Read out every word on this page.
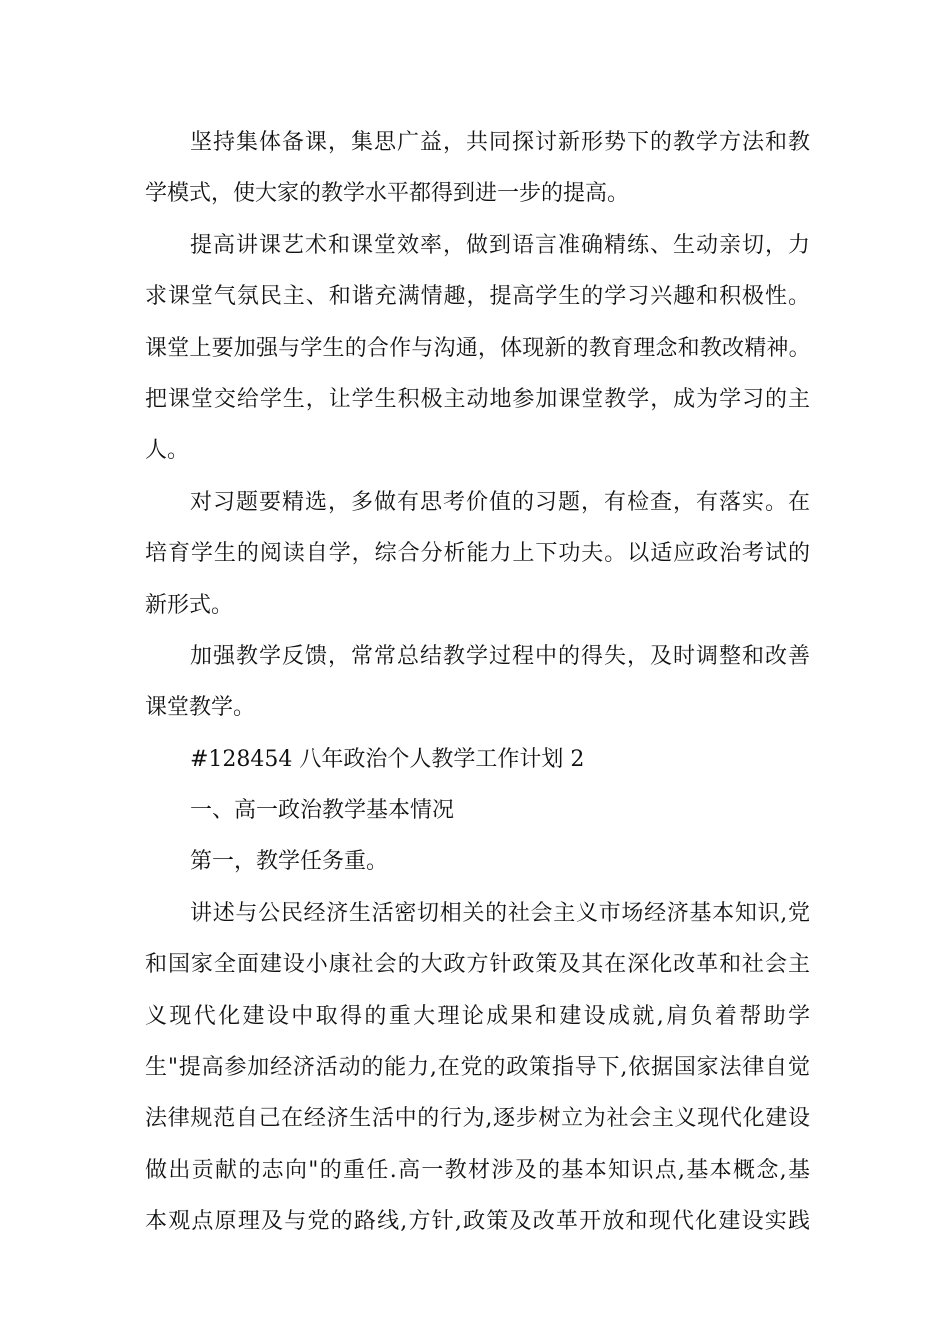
坚持集体备课，集思广益，共同探讨新形势下的教学方法和教
学模式，使大家的教学水平都得到进一步的提高。
提高讲课艺术和课堂效率，做到语言准确精练、生动亲切，力
求课堂气氛民主、和谐充满情趣，提高学生的学习兴趣和积极性。
课堂上要加强与学生的合作与沟通，体现新的教育理念和教改精神。
把课堂交给学生，让学生积极主动地参加课堂教学，成为学习的主
人。
对习题要精选，多做有思考价值的习题，有检查，有落实。在
培育学生的阅读自学，综合分析能力上下功夫。以适应政治考试的
新形式。
加强教学反馈，常常总结教学过程中的得失，及时调整和改善
课堂教学。
#128454 八年政治个人教学工作计划 2
一、高一政治教学基本情况
第一，教学任务重。
讲述与公民经济生活密切相关的社会主义市场经济基本知识,党
和国家全面建设小康社会的大政方针政策及其在深化改革和社会主
义现代化建设中取得的重大理论成果和建设成就,肩负着帮助学
生"提高参加经济活动的能力,在党的政策指导下,依据国家法律自觉
法律规范自己在经济生活中的行为,逐步树立为社会主义现代化建设
做出贡献的志向"的重任.高一教材涉及的基本知识点,基本概念,基
本观点原理及与党的路线,方针,政策及改革开放和现代化建设实践
